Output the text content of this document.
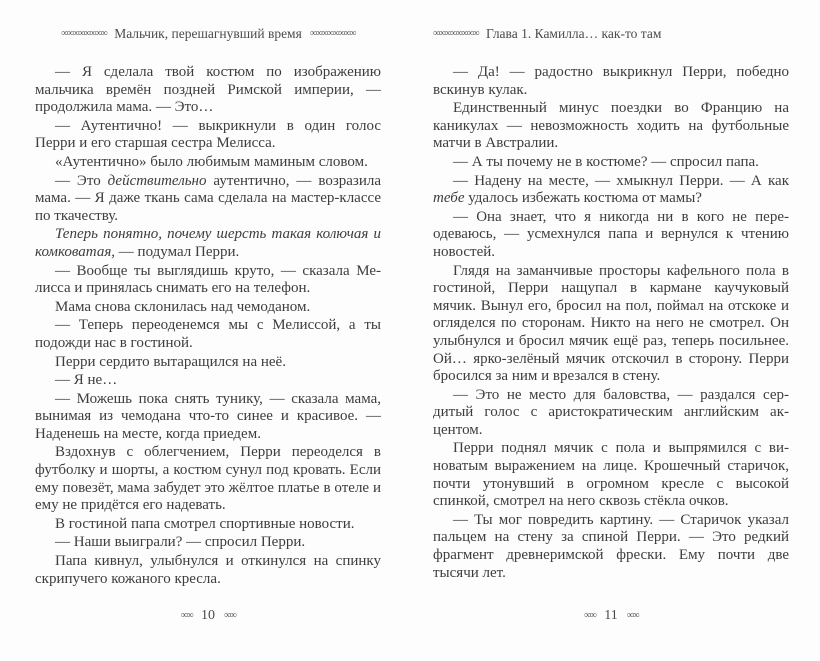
∞∞∞∞∞∞∞∞ Мальчик, перешагнувший время ∞∞∞∞∞∞∞∞

— Я сделала твой костюм по изображению мальчика времён поздней Римской империи, — продолжила мама. — Это…

— Аутентично! — выкрикнули в один голос Перри и его старшая сестра Мелисса.

«Аутентично» было любимым маминым словом.

— Это действительно аутентично, — возразила мама. — Я даже ткань сама сделала на мастер-классе по ткачеству.

Теперь понятно, почему шерсть такая колючая и комковатая, — подумал Перри.

— Вообще ты выглядишь круто, — сказала Мелисса и принялась снимать его на телефон.

Мама снова склонилась над чемоданом.

— Теперь переоденемся мы с Мелиссой, а ты подожди нас в гостиной.

Перри сердито вытаращился на неё.

— Я не…

— Можешь пока снять тунику, — сказала мама, вынимая из чемодана что-то синее и красивое. — Наденешь на месте, когда приедем.

Вздохнув с облегчением, Перри переоделся в футболку и шорты, а костюм сунул под кровать. Если ему повезёт, мама забудет это жёлтое платье в отеле и ему не придётся его надевать.

В гостиной папа смотрел спортивные новости.

— Наши выиграли? — спросил Перри.

Папа кивнул, улыбнулся и откинулся на спинку скрипучего кожаного кресла.

∞∞ 10 ∞∞
∞∞∞∞∞∞∞∞ Глава 1. Камилла… как-то там

— Да! — радостно выкрикнул Перри, победно вскинув кулак.

Единственный минус поездки во Францию на каникулах — невозможность ходить на футбольные матчи в Австралии.

— А ты почему не в костюме? — спросил папа.

— Надену на месте, — хмыкнул Перри. — А как тебе удалось избежать костюма от мамы?

— Она знает, что я никогда ни в кого не переодеваюсь, — усмехнулся папа и вернулся к чтению новостей.

Глядя на заманчивые просторы кафельного пола в гостиной, Перри нащупал в кармане каучуковый мячик. Вынул его, бросил на пол, поймал на отскоке и огляделся по сторонам. Никто на него не смотрел. Он улыбнулся и бросил мячик ещё раз, теперь посильнее. Ой… ярко-зелёный мячик отскочил в сторону. Перри бросился за ним и врезался в стену.

— Это не место для баловства, — раздался сердитый голос с аристократическим английским акцентом.

Перри поднял мячик с пола и выпрямился с виноватым выражением на лице. Крошечный старичок, почти утонувший в огромном кресле с высокой спинкой, смотрел на него сквозь стёкла очков.

— Ты мог повредить картину. — Старичок указал пальцем на стену за спиной Перри. — Это редкий фрагмент древнеримской фрески. Ему почти две тысячи лет.

∞∞ 11 ∞∞
